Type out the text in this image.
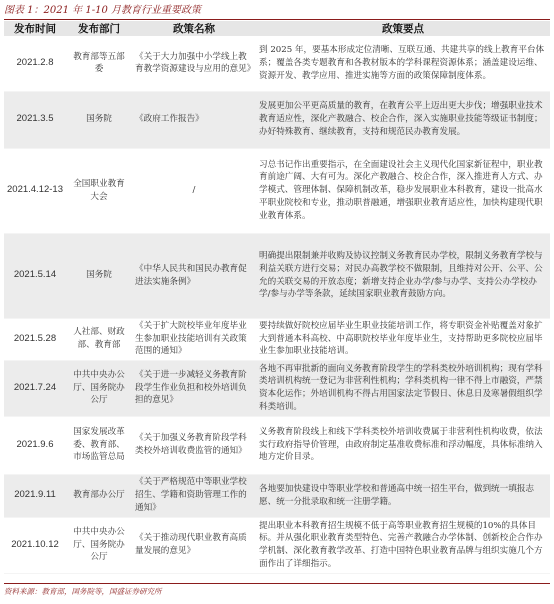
图表 1：2021 年 1-10 月教育行业重要政策
发布时间	发布部门	政策名称	政策要点
2021.2.8	教育部等五部委	《关于大力加强中小学线上教育教学资源建设与应用的意见》	到 2025 年，要基本形成定位清晰、互联互通、共建共享的线上教育平台体系；覆盖各类专题教育和各教材版本的学科课程资源体系；涵盖建设运维、资源开发、教学应用、推进实施等方面的政策保障制度体系。
2021.3.5	国务院	《政府工作报告》	发展更加公平更高质量的教育，在教育公平上迈出更大步伐；增强职业技术教育适应性，深化产教融合、校企合作，深入实施职业技能等级证书制度；办好特殊教育、继续教育，支持和规范民办教育发展。
2021.4.12-13	全国职业教育大会	/	习总书记作出重要指示，在全面建设社会主义现代化国家新征程中，职业教育前途广阔、大有可为。深化产教融合、校企合作，深入推进育人方式、办学模式、管理体制、保障机制改革，稳步发展职业本科教育，建设一批高水平职业院校和专业，推动职普融通，增强职业教育适应性，加快构建现代职业教育体系。
2021.5.14	国务院	《中华人民共和国民办教育促进法实施条例》	明确提出限制兼并收购及协议控制义务教育民办学校，限制义务教育学校与利益关联方进行交易；对民办高教学校不做限制，且维持对公开、公平、公允的关联交易的开放态度；新增支持企业办学/参与办学、支持公办学校办学/参与办学等条款，延续国家职业教育鼓励方向。
2021.5.28	人社部、财政部、教育部	《关于扩大院校毕业年度毕业生参加职业技能培训有关政策范围的通知》	要持续做好院校应届毕业生职业技能培训工作，将专职资金补贴覆盖对象扩大到普通本科高校、中高职院校毕业年度毕业生，支持帮助更多院校应届毕业生参加职业技能培训。
2021.7.24	中共中央办公厅、国务院办公厅	《关于进一步减轻义务教育阶段学生作业负担和校外培训负担的意见》	各地不再审批新的面向义务教育阶段学生的学科类校外培训机构；现有学科类培训机构统一登记为非营利性机构；学科类机构一律不得上市融资，严禁资本化运作；外培训机构不得占用国家法定节假日、休息日及寒暑假组织学科类培训。
2021.9.6	国家发展改革委、教育部、市场监管总局	《关于加强义务教育阶段学科类校外培训收费监管的通知》	义务教育阶段线上和线下学科类校外培训收费属于非营利性机构收费，依法实行政府指导价管理，由政府制定基准收费标准和浮动幅度，具体标准纳入地方定价目录。
2021.9.11	教育部办公厅	《关于严格规范中等职业学校招生、学籍和资助管理工作的通知》	各地要加快建设中等职业学校和普通高中统一招生平台，做到统一填报志愿、统一分批录取和统一注册学籍。
2021.10.12	中共中央办公厅、国务院办公厅	《关于推动现代职业教育高质量发展的意见》	提出职业本科教育招生规模不低于高等职业教育招生规模的10%的具体目标。并从强化职业教育类型特色、完善产教融合办学体制、创新校企合作办学机制、深化教育教学改革、打造中国特色职业教育品牌与组织实施几个方面作出了详细指示。
资料来源：教育部，国务院等，国盛证券研究所
